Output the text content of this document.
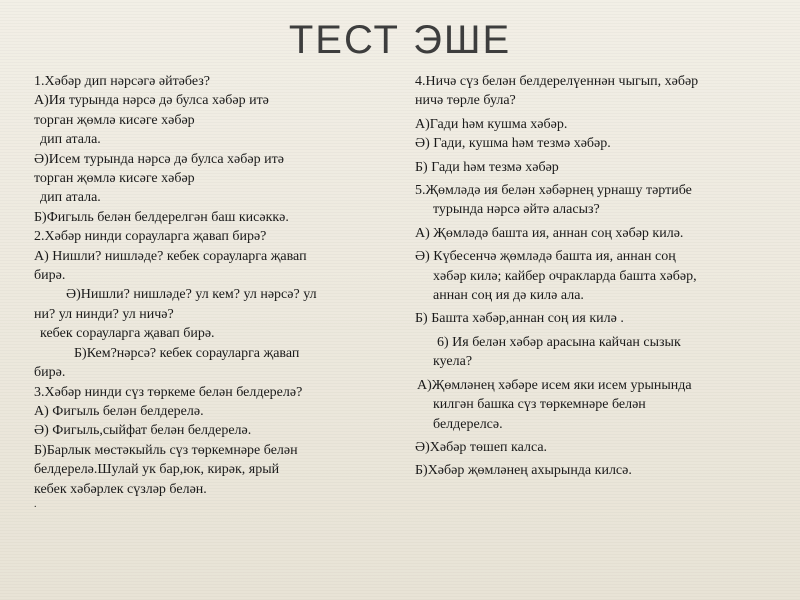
ТЕСТ ЭШЕ
1.Хәбәр дип нәрсәгә әйтәбез?
А)Ия турында нәрсә дә булса хәбәр итә
торган җөмлә кисәге хәбәр
дип атала.
Ә)Исем турында нәрсә дә булса хәбәр итә
торган җөмлә кисәге хәбәр
дип атала.
Б)Фигыль белән белдерелгән баш кисәккә.
2.Хәбәр нинди сорауларга җавап бирә?
А) Нишли? нишләде? кебек сорауларга җавап
бирә.
Ә)Нишли? нишләде? ул кем? ул нәрсә? ул
ни? ул нинди? ул ничә?
кебек сорауларга җавап бирә.
Б)Кем?нәрсә? кебек сорауларга җавап
бирә.
3.Хәбәр нинди сүз төркеме белән белдерелә?
А) Фигыль белән белдерелә.
Ә) Фигыль,сыйфат белән белдерелә.
Б)Барлык мөстәкыйль сүз төркемнәре белән
белдерелә.Шулай ук бар,юк, кирәк, ярый
кебек хәбәрлек сүзләр белән.
.
4.Ничә сүз белән белдерелүеннән чыгып, хәбәр
ничә төрле була?
А)Гади һәм кушма хәбәр.
Ә) Гади, кушма һәм тезмә хәбәр.
Б) Гади һәм тезмә хәбәр
5.Җөмләдә ия белән хәбәрнең урнашу тәртибе
турында нәрсә әйтә аласыз?
А) Җөмләдә башта ия, аннан соң хәбәр килә.
Ә) Күбесенчә җөмләдә башта ия, аннан соң
хәбәр килә; кайбер очракларда башта хәбәр,
аннан соң ия дә килә ала.
Б) Башта хәбәр,аннан соң ия килә .
6) Ия белән хәбәр арасына кайчан сызык
куела?
А)Җөмләнең хәбәре исем яки исем урынында
килгән башка сүз төркемнәре белән
белдерелсә.
Ә)Хәбәр төшеп калса.
Б)Хәбәр җөмләнең ахырында килсә.
